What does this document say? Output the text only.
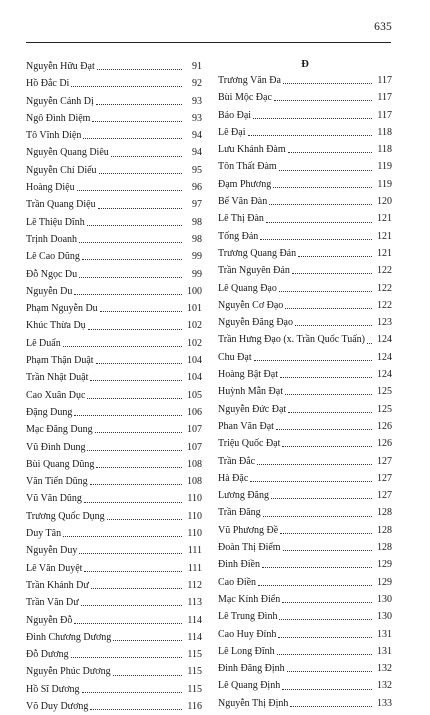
635
Nguyễn Hữu Đạt	91
Hồ Đắc Di	92
Nguyễn Cảnh Dị	93
Ngô Đình Diệm	93
Tô Vĩnh Diện	94
Nguyễn Quang Diêu	94
Nguyễn Chí Diểu	95
Hoàng Diệu	96
Trần Quang Diệu	97
Lê Thiệu Dĩnh	98
Trịnh Doanh	98
Lê Cao Dũng	99
Đỗ Ngọc Du	99
Nguyễn Du	100
Phạm Nguyễn Du	101
Khúc Thừa Dụ	102
Lê Duẩn	102
Phạm Thận Duật	104
Trần Nhật Duật	104
Cao Xuân Dục	105
Đặng Dung	106
Mạc Đăng Dung	107
Vũ Đình Dung	107
Bùi Quang Dũng	108
Văn Tiến Dũng	108
Vũ Văn Dũng	110
Trương Quốc Dụng	110
Duy Tân	110
Nguyễn Duy	111
Lê Văn Duyệt	111
Trần Khánh Dư	112
Trần Văn Dư	113
Nguyễn Đỗ	114
Đinh Chương Dương	114
Đỗ Dương	115
Nguyễn Phúc Dương	115
Hồ Sĩ Dương	115
Võ Duy Dương	116
Đ
Trương Văn Đa	117
Bùi Mộc Đạc	117
Bảo Đại	117
Lê Đại	118
Lưu Khánh Đàm	118
Tôn Thất Đàm	119
Đạm Phương	119
Bế Văn Đàn	120
Lê Thị Đàn	121
Tống Đản	121
Trương Quang Đản	121
Trần Nguyên Đán	122
Lê Quang Đạo	122
Nguyễn Cơ Đạo	122
Nguyễn Đăng Đạo	123
Trần Hưng Đạo (x. Trần Quốc Tuấn)	124
Chu Đạt	124
Hoàng Bật Đạt	124
Huỳnh Mẫn Đạt	125
Nguyễn Đức Đạt	125
Phan Văn Đạt	126
Triệu Quốc Đạt	126
Trần Đắc	127
Hà Đặc	127
Lương Đăng	127
Trần Đăng	128
Vũ Phương Đề	128
Đoàn Thị Điểm	128
Đinh Điền	129
Cao Điền	129
Mạc Kính Điển	130
Lê Trung Đình	130
Cao Huy Đỉnh	131
Lê Long Đĩnh	131
Đinh Đăng Định	132
Lê Quang Định	132
Nguyễn Thị Định	133
